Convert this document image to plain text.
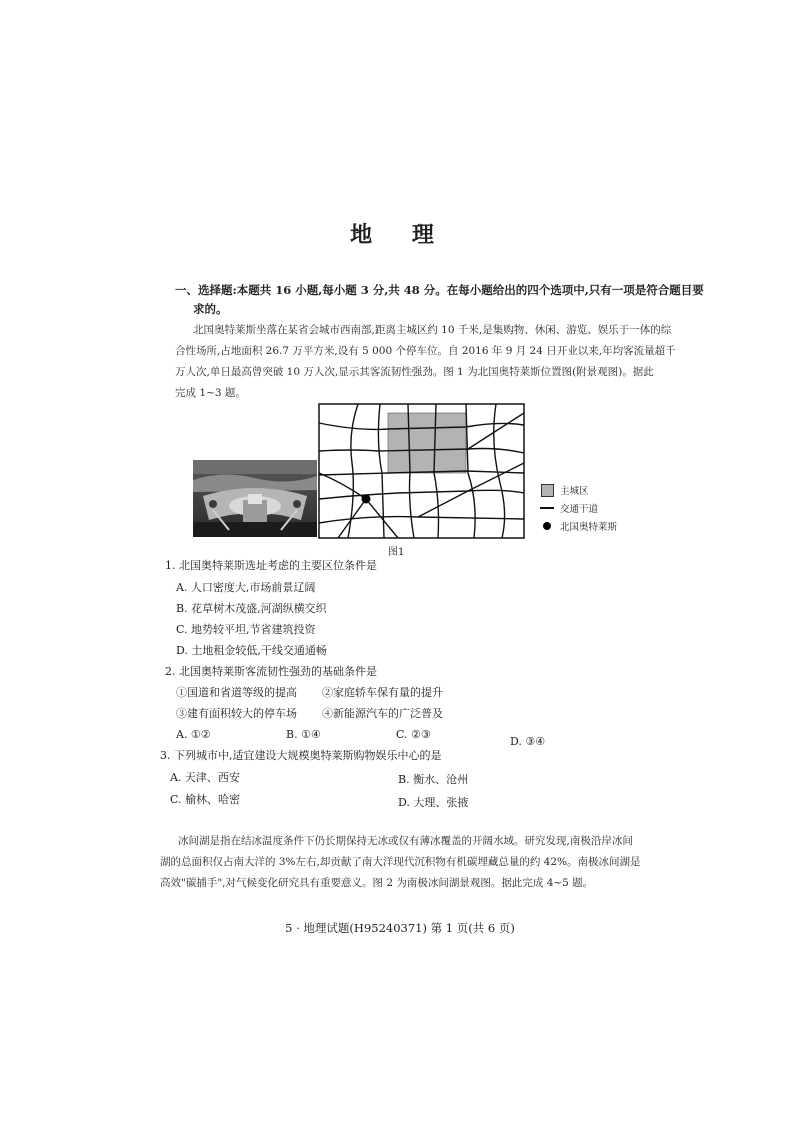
地 理
一、选择题:本题共 16 小题,每小题 3 分,共 48 分。在每小题给出的四个选项中,只有一项是符合题目要
求的。
北国奥特莱斯坐落在某省会城市西南部,距离主城区约 10 千米,是集购物、休闲、游览、娱乐于一体的综
合性场所,占地面积 26.7 万平方米,设有 5 000 个停车位。自 2016 年 9 月 24 日开业以来,年均客流量超千
万人次,单日最高曾突破 10 万人次,显示其客流韧性强劲。图 1 为北国奥特莱斯位置图(附景观图)。据此
完成 1~3 题。
主城区
交通干道
北国奥特莱斯
图1
1. 北国奥特莱斯选址考虑的主要区位条件是
A. 人口密度大,市场前景辽阔
B. 花草树木茂盛,河湖纵横交织
C. 地势较平坦,节省建筑投资
D. 土地租金较低,干线交通通畅
2. 北国奥特莱斯客流韧性强劲的基础条件是
①国道和省道等级的提高 ②家庭轿车保有量的提升
③建有面积较大的停车场 ④新能源汽车的广泛普及
A. ①②	B. ①④	C. ②③
D. ③④
3. 下列城市中,适宜建设大规模奥特莱斯购物娱乐中心的是
A. 天津、西安	B. 衡水、沧州
C. 榆林、哈密	D. 大理、张掖
冰间湖是指在结冰温度条件下仍长期保持无冰或仅有薄冰覆盖的开阔水域。研究发现,南极沿岸冰间
湖的总面积仅占南大洋的 3%左右,却贡献了南大洋现代沉积物有机碳埋藏总量的约 42%。南极冰间湖是
高效"碳捕手",对气候变化研究具有重要意义。图 2 为南极冰间湖景观图。据此完成 4~5 题。
5 · 地理试题(H95240371) 第 1 页(共 6 页)
